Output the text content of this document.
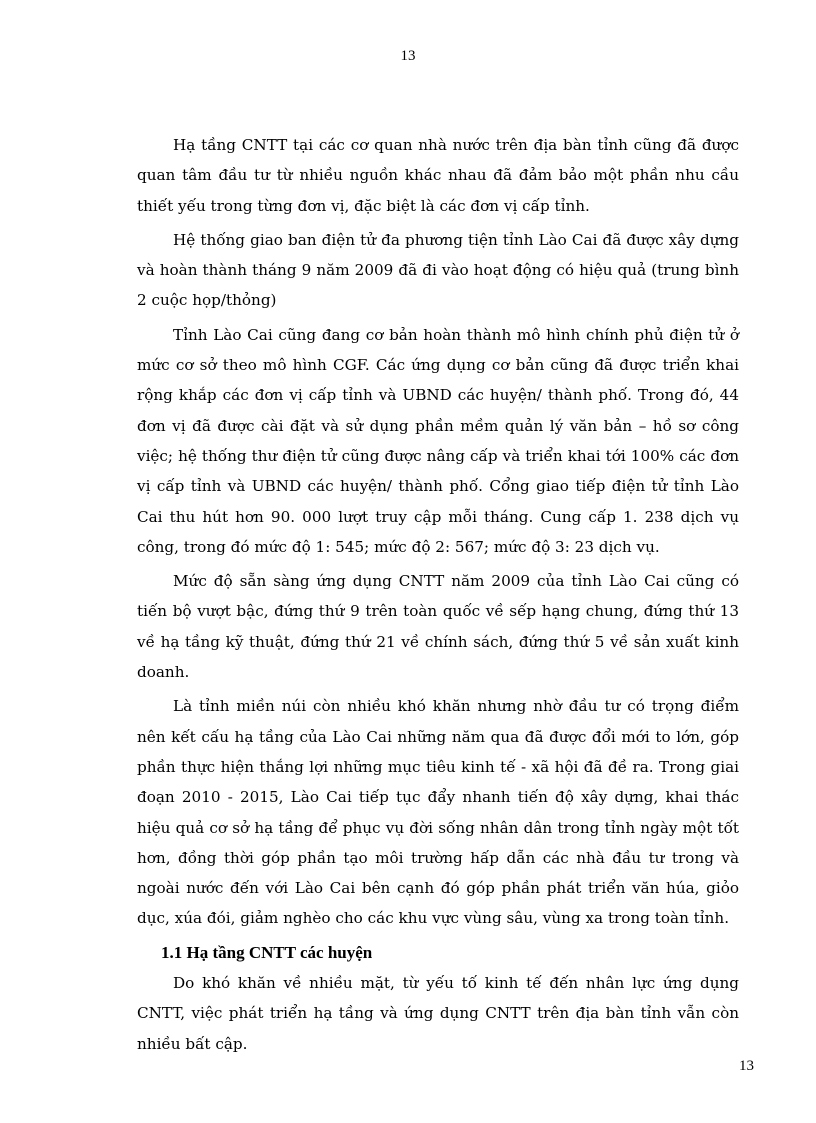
13

Hạ tầng CNTT tại các cơ quan nhà nước trên địa bàn tỉnh cũng đã được quan tâm đầu tư từ nhiều nguồn khác nhau đã đảm bảo một phần nhu cầu thiết yếu trong từng đơn vị, đặc biệt là các đơn vị cấp tỉnh.

Hệ thống giao ban điện tử đa phương tiện tỉnh Lào Cai đã được xây dựng và hoàn thành tháng 9 năm 2009 đã đi vào hoạt động có hiệu quả (trung bình 2 cuộc họp/thỏng)

Tỉnh Lào Cai cũng đang cơ bản hoàn thành mô hình chính phủ điện tử ở mức cơ sở theo mô hình CGF. Các ứng dụng cơ bản cũng đã được triển khai rộng khắp các đơn vị cấp tỉnh và UBND các huyện/ thành phố. Trong đó, 44 đơn vị đã được cài đặt và sử dụng phần mềm quản lý văn bản – hồ sơ công việc; hệ thống thư điện tử cũng được nâng cấp và triển khai tới 100% các đơn vị cấp tỉnh và UBND các huyện/ thành phố. Cổng giao tiếp điện tử tỉnh Lào Cai thu hút hơn 90. 000 lượt truy cập mỗi tháng. Cung cấp 1. 238 dịch vụ công, trong đó mức độ 1: 545; mức độ 2: 567; mức độ 3: 23 dịch vụ.

Mức độ sẵn sàng ứng dụng CNTT năm 2009 của tỉnh Lào Cai cũng có tiến bộ vượt bậc, đứng thứ 9 trên toàn quốc về sếp hạng chung, đứng thứ 13 về hạ tầng kỹ thuật, đứng thứ 21 về chính sách, đứng thứ 5 về sản xuất kinh doanh.

Là tỉnh miền núi còn nhiều khó khăn nhưng nhờ đầu tư có trọng điểm nên kết cấu hạ tầng của Lào Cai những năm qua đã được đổi mới to lớn, góp phần thực hiện thắng lợi những mục tiêu kinh tế - xã hội đã đề ra. Trong giai đoạn 2010 - 2015, Lào Cai tiếp tục đẩy nhanh tiến độ xây dựng, khai thác hiệu quả cơ sở hạ tầng để phục vụ đời sống nhân dân trong tỉnh ngày một tốt hơn, đồng thời góp phần tạo môi trường hấp dẫn các nhà đầu tư trong và ngoài nước đến với Lào Cai bên cạnh đó góp phần phát triển văn húa, giỏo dục, xúa đói, giảm nghèo cho các khu vực vùng sâu, vùng xa trong toàn tỉnh.

1.1 Hạ tầng CNTT các huyện

Do khó khăn về nhiều mặt, từ yếu tố kinh tế đến nhân lực ứng dụng CNTT, việc phát triển hạ tầng và ứng dụng CNTT trên địa bàn tỉnh vẫn còn nhiều bất cập.

13
